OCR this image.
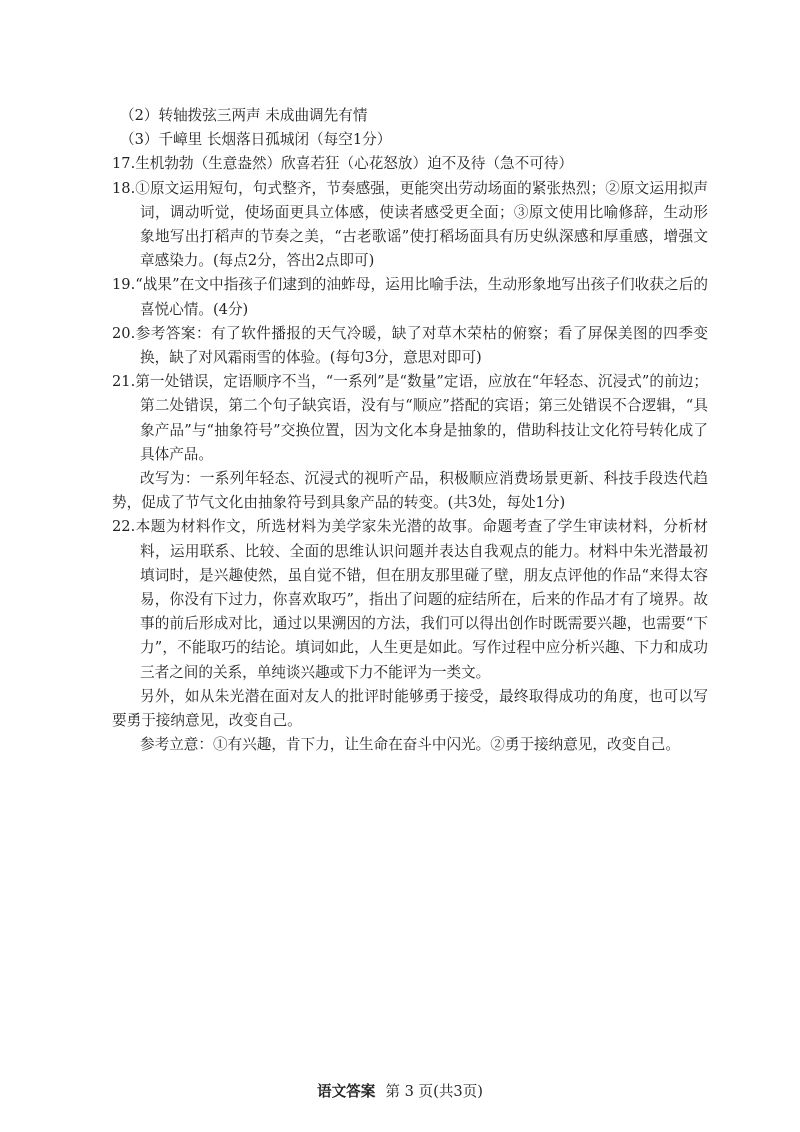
（2）转轴拨弦三两声 未成曲调先有情
（3）千嶂里 长烟落日孤城闭（每空1分）
17.生机勃勃（生意盎然）欣喜若狂（心花怒放）迫不及待（急不可待）
18.①原文运用短句，句式整齐，节奏感强，更能突出劳动场面的紧张热烈；②原文运用拟声词，调动听觉，使场面更具立体感，使读者感受更全面；③原文使用比喻修辞，生动形象地写出打稻声的节奏之美，“古老歌谣”使打稻场面具有历史纵深感和厚重感，增强文章感染力。(每点2分，答出2点即可)
19.“战果”在文中指孩子们逮到的油蚱母，运用比喻手法，生动形象地写出孩子们收获之后的喜悦心情。(4分)
20.参考答案：有了软件播报的天气冷暖，缺了对草木荣枯的俯察；看了屏保美图的四季变换，缺了对风霜雨雪的体验。(每句3分，意思对即可)
21.第一处错误，定语顺序不当，“一系列”是“数量”定语，应放在“年轻态、沉浸式”的前边；第二处错误，第二个句子缺宾语，没有与“顺应”搭配的宾语；第三处错误不合逻辑，“具象产品”与“抽象符号”交换位置，因为文化本身是抽象的，借助科技让文化符号转化成了具体产品。
改写为：一系列年轻态、沉浸式的视听产品，积极顺应消费场景更新、科技手段迭代趋势，促成了节气文化由抽象符号到具象产品的转变。(共3处，每处1分)
22.本题为材料作文，所选材料为美学家朱光潜的故事。命题考查了学生审读材料，分析材料，运用联系、比较、全面的思维认识问题并表达自我观点的能力。材料中朱光潜最初填词时，是兴趣使然，虽自觉不错，但在朋友那里碰了壁，朋友点评他的作品“来得太容易，你没有下过力，你喜欢取巧”，指出了问题的症结所在，后来的作品才有了境界。故事的前后形成对比，通过以果溯因的方法，我们可以得出创作时既需要兴趣，也需要“下力”，不能取巧的结论。填词如此，人生更是如此。写作过程中应分析兴趣、下力和成功三者之间的关系，单纯谈兴趣或下力不能评为一类文。
另外，如从朱光潜在面对友人的批评时能够勇于接受，最终取得成功的角度，也可以写要勇于接纳意见，改变自己。
参考立意：①有兴趣，肯下力，让生命在奋斗中闪光。②勇于接纳意见，改变自己。
语文答案 第 3 页(共3页)
